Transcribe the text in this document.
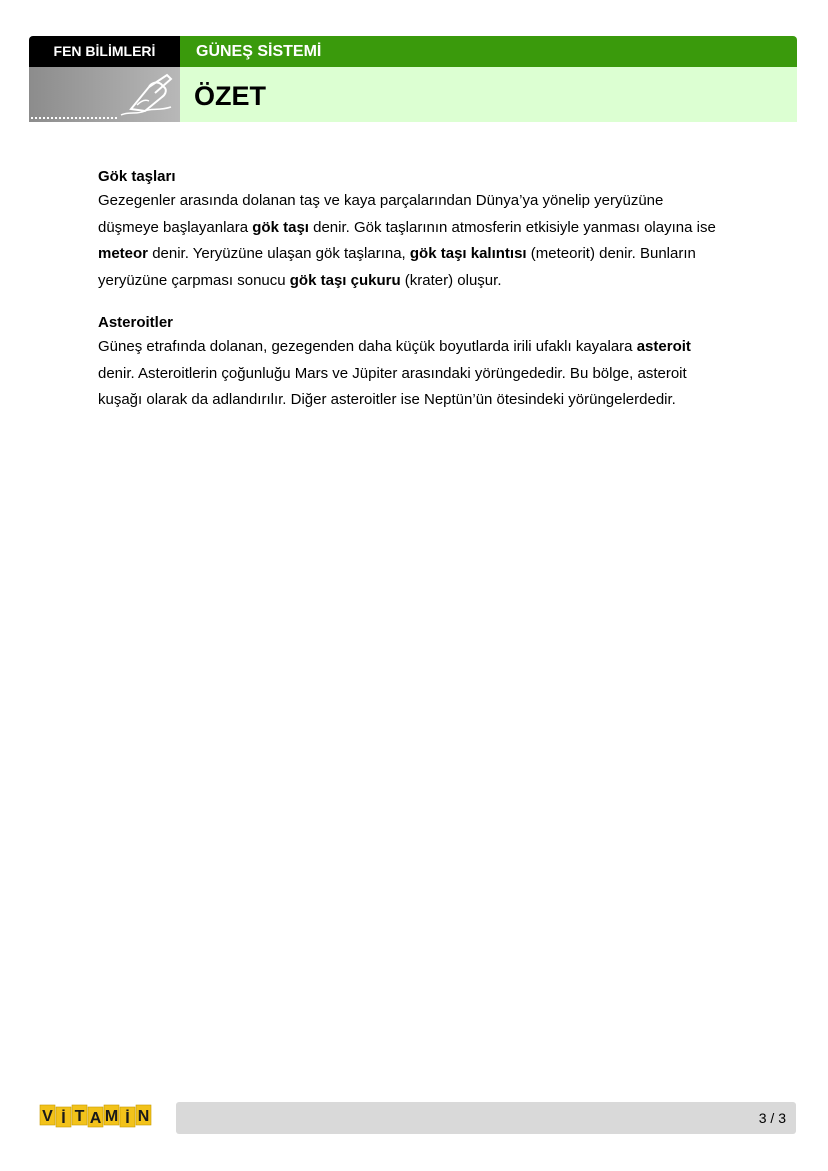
FEN BİLİMLERİ	GÜNEŞ SİSTEMİ
ÖZET
Gök taşları

Gezegenler arasında dolanan taş ve kaya parçalarından Dünya’ya yönelip yeryüzüne düşmeye başlayanlara gök taşı denir. Gök taşlarının atmosferin etkisiyle yanması olayına ise meteor denir. Yeryüzüne ulaşan gök taşlarına, gök taşı kalıntısı (meteorit) denir. Bunların yeryüzüne çarpması sonucu gök taşı çukuru (krater) oluşur.

Asteroitler

Güneş etrafında dolanan, gezegenden daha küçük boyutlarda irili ufaklı kayalara asteroit denir. Asteroitlerin çoğunluğu Mars ve Jüpiter arasındaki yörüngededir. Bu bölge, asteroit kuşağı olarak da adlandırılır. Diğer asteroitler ise Neptün’ün ötesindeki yörüngelerdedir.

V İ T A M İ N	3 / 3
